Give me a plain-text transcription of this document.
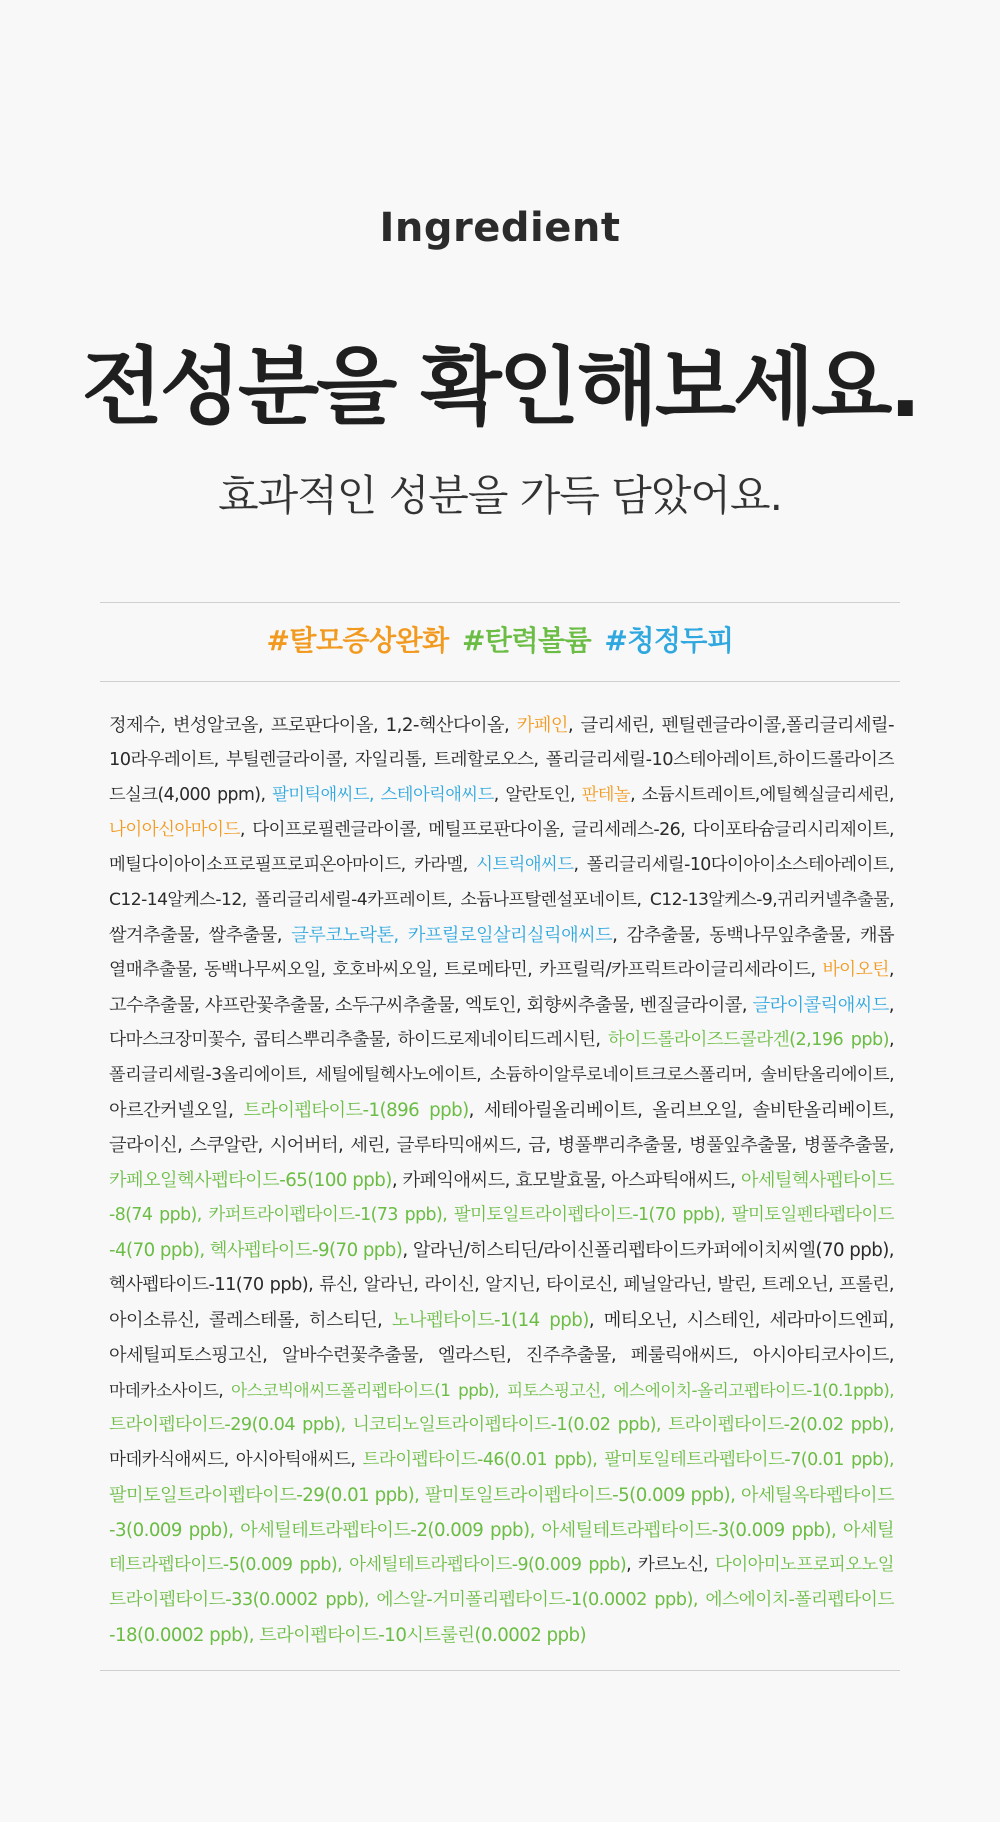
Ingredient
전성분을 확인해보세요.
효과적인 성분을 가득 담았어요.
#탈모증상완화 #탄력볼륨 #청정두피
정제수, 변성알코올, 프로판다이올, 1,2-헥산다이올, 카페인, 글리세린, 펜틸렌글라이콜,폴리글리세릴-
10라우레이트, 부틸렌글라이콜, 자일리톨, 트레할로오스, 폴리글리세릴-10스테아레이트,하이드롤라이즈
드실크(4,000 ppm), 팔미틱애씨드, 스테아릭애씨드, 알란토인, 판테놀, 소듐시트레이트,에틸헥실글리세린,
나이아신아마이드, 다이프로필렌글라이콜, 메틸프로판다이올, 글리세레스-26, 다이포타슘글리시리제이트,
메틸다이아이소프로필프로피온아마이드, 카라멜, 시트릭애씨드, 폴리글리세릴-10다이아이소스테아레이트,
C12-14알케스-12, 폴리글리세릴-4카프레이트, 소듐나프탈렌설포네이트, C12-13알케스-9,귀리커넬추출물,
쌀겨추출물, 쌀추출물, 글루코노락톤, 카프릴로일살리실릭애씨드, 감추출물, 동백나무잎추출물, 캐롭
열매추출물, 동백나무씨오일, 호호바씨오일, 트로메타민, 카프릴릭/카프릭트라이글리세라이드, 바이오틴,
고수추출물, 샤프란꽃추출물, 소두구씨추출물, 엑토인, 회향씨추출물, 벤질글라이콜, 글라이콜릭애씨드,
다마스크장미꽃수, 콥티스뿌리추출물, 하이드로제네이티드레시틴, 하이드롤라이즈드콜라겐(2,196 ppb),
폴리글리세릴-3올리에이트, 세틸에틸헥사노에이트, 소듐하이알루로네이트크로스폴리머, 솔비탄올리에이트,
아르간커넬오일, 트라이펩타이드-1(896 ppb), 세테아릴올리베이트, 올리브오일, 솔비탄올리베이트,
글라이신, 스쿠알란, 시어버터, 세린, 글루타믹애씨드, 금, 병풀뿌리추출물, 병풀잎추출물, 병풀추출물,
카페오일헥사펩타이드-65(100 ppb), 카페익애씨드, 효모발효물, 아스파틱애씨드, 아세틸헥사펩타이드
-8(74 ppb), 카퍼트라이펩타이드-1(73 ppb), 팔미토일트라이펩타이드-1(70 ppb), 팔미토일펜타펩타이드
-4(70 ppb), 헥사펩타이드-9(70 ppb), 알라닌/히스티딘/라이신폴리펩타이드카퍼에이치씨엘(70 ppb),
헥사펩타이드-11(70 ppb), 류신, 알라닌, 라이신, 알지닌, 타이로신, 페닐알라닌, 발린, 트레오닌, 프롤린,
아이소류신, 콜레스테롤, 히스티딘, 노나펩타이드-1(14 ppb), 메티오닌, 시스테인, 세라마이드엔피,
아세틸피토스핑고신, 알바수련꽃추출물, 엘라스틴, 진주추출물, 페룰릭애씨드, 아시아티코사이드,
마데카소사이드, 아스코빅애씨드폴리펩타이드(1 ppb), 피토스핑고신, 에스에이치-올리고펩타이드-1(0.1ppb),
트라이펩타이드-29(0.04 ppb), 니코티노일트라이펩타이드-1(0.02 ppb), 트라이펩타이드-2(0.02 ppb),
마데카식애씨드, 아시아틱애씨드, 트라이펩타이드-46(0.01 ppb), 팔미토일테트라펩타이드-7(0.01 ppb),
팔미토일트라이펩타이드-29(0.01 ppb), 팔미토일트라이펩타이드-5(0.009 ppb), 아세틸옥타펩타이드
-3(0.009 ppb), 아세틸테트라펩타이드-2(0.009 ppb), 아세틸테트라펩타이드-3(0.009 ppb), 아세틸
테트라펩타이드-5(0.009 ppb), 아세틸테트라펩타이드-9(0.009 ppb), 카르노신, 다이아미노프로피오노일
트라이펩타이드-33(0.0002 ppb), 에스알-거미폴리펩타이드-1(0.0002 ppb), 에스에이치-폴리펩타이드
-18(0.0002 ppb), 트라이펩타이드-10시트룰린(0.0002 ppb)
